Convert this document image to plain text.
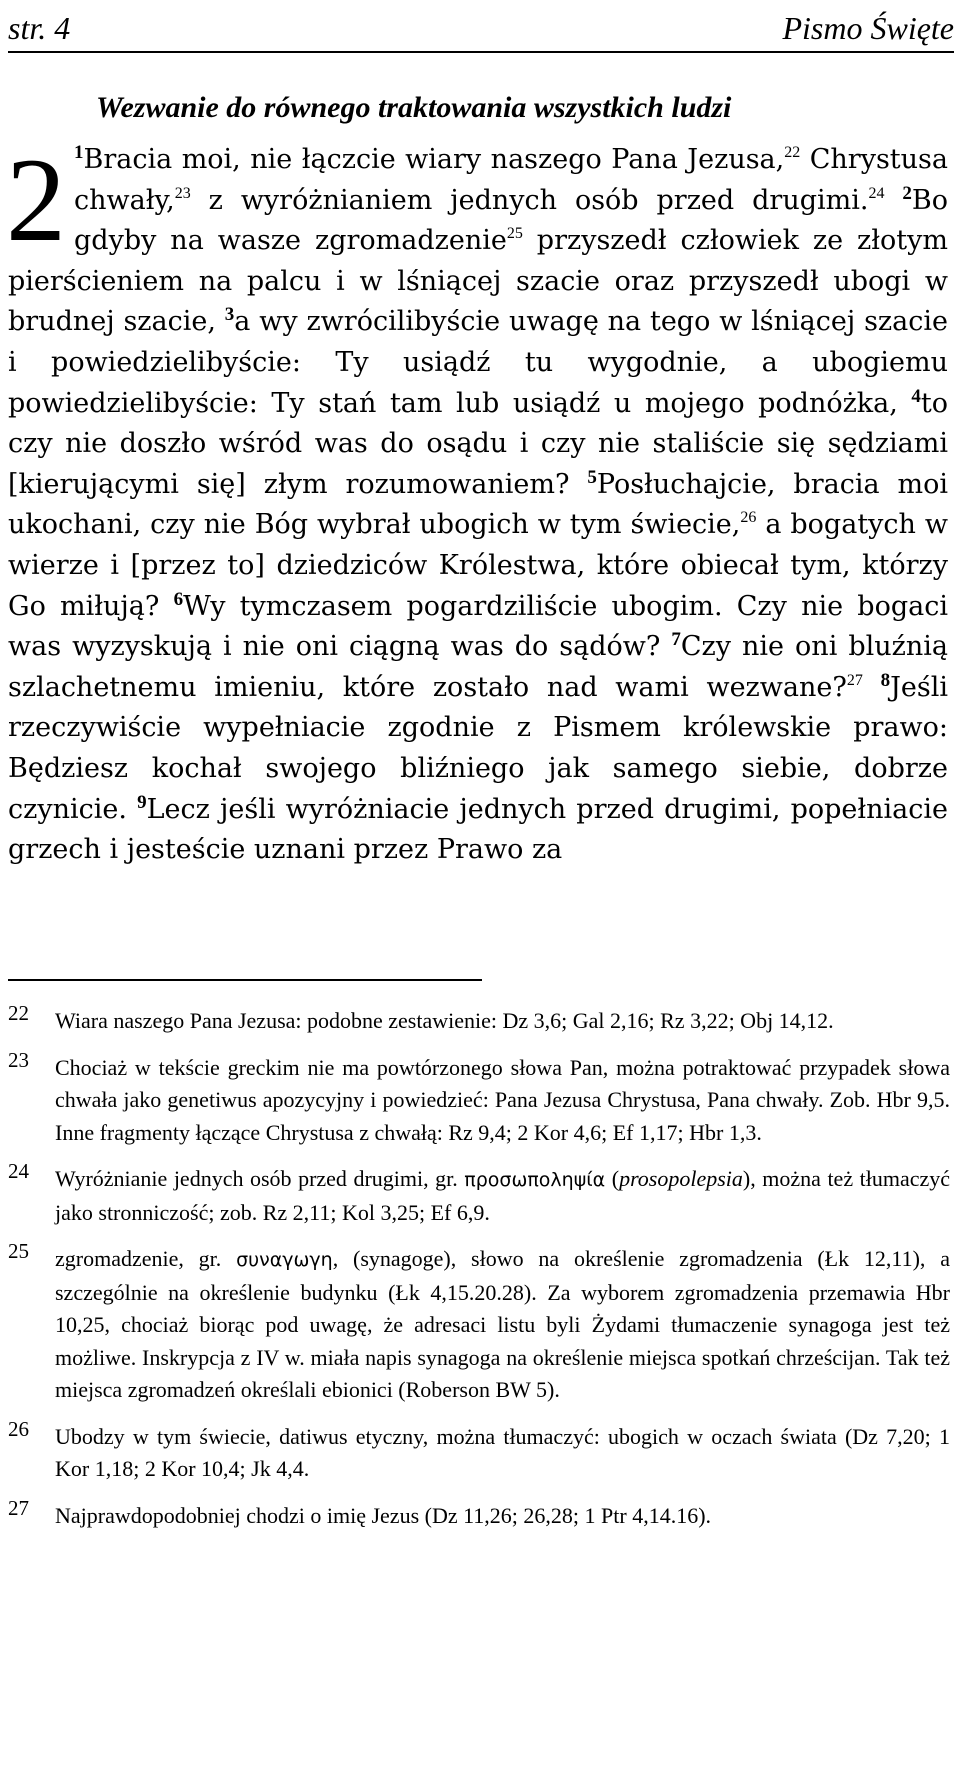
str. 4	Pismo Święte
Wezwanie do równego traktowania wszystkich ludzi
2 $^1$Bracia moi, nie łączcie wiary naszego Pana Jezusa,$^{22}$ Chrystusa chwały,$^{23}$ z wyróżnianiem jednych osób przed drugimi.$^{24}$ $^2$Bo gdyby na wasze zgromadzenie$^{25}$ przyszedł człowiek ze złotym pierścieniem na palcu i w lśniącej szacie oraz przyszedł ubogi w brudnej szacie, $^3$a wy zwrócilibyście uwagę na tego w lśniącej szacie i powiedzielibyście: Ty usiądź tu wygodnie, a ubogiemu powiedzielibyście: Ty stań tam lub usiądź u mojego podnóżka, $^4$to czy nie doszło wśród was do osądu i czy nie staliście się sędziami [kierującymi się] złym rozumowaniem? $^5$Posłuchajcie, bracia moi ukochani, czy nie Bóg wybrał ubogich w tym świecie,$^{26}$ a bogatych w wierze i [przez to] dziedziców Królestwa, które obiecał tym, którzy Go miłują? $^6$Wy tymczasem pogardziliście ubogim. Czy nie bogaci was wyzyskują i nie oni ciągną was do sądów? $^7$Czy nie oni bluźnią szlachetnemu imieniu, które zostało nad wami wezwane?$^{27}$ $^8$Jeśli rzeczywiście wypełniacie zgodnie z Pismem królewskie prawo: Będziesz kochał swojego bliźniego jak samego siebie, dobrze czynicie. $^9$Lecz jeśli wyróżniacie jednych przed drugimi, popełniacie grzech i jesteście uznani przez Prawo za

22 Wiara naszego Pana Jezusa: podobne zestawienie: Dz 3,6; Gal 2,16; Rz 3,22; Obj 14,12.
23 Chociaż w tekście greckim nie ma powtórzonego słowa Pan, można potraktować przypadek słowa chwała jako genetiwus apozycyjny i powiedzieć: Pana Jezusa Chrystusa, Pana chwały. Zob. Hbr 9,5. Inne fragmenty łączące Chrystusa z chwałą: Rz 9,4; 2 Kor 4,6; Ef 1,17; Hbr 1,3.
24 Wyróżnianie jednych osób przed drugimi, gr. προσωποληψία (prosopolepsia), można też tłumaczyć jako stronniczość; zob. Rz 2,11; Kol 3,25; Ef 6,9.
25 zgromadzenie, gr. συναγωγη, (synagoge), słowo na określenie zgromadzenia (Łk 12,11), a szczególnie na określenie budynku (Łk 4,15.20.28). Za wyborem zgromadzenia przemawia Hbr 10,25, chociaż biorąc pod uwagę, że adresaci listu byli Żydami tłumaczenie synagoga jest też możliwe. Inskrypcja z IV w. miała napis synagoga na określenie miejsca spotkań chrześcijan. Tak też miejsca zgromadzeń określali ebionici (Roberson BW 5).
26 Ubodzy w tym świecie, datiwus etyczny, można tłumaczyć: ubogich w oczach świata (Dz 7,20; 1 Kor 1,18; 2 Kor 10,4; Jk 4,4.
27 Najprawdopodobniej chodzi o imię Jezus (Dz 11,26; 26,28; 1 Ptr 4,14.16).
